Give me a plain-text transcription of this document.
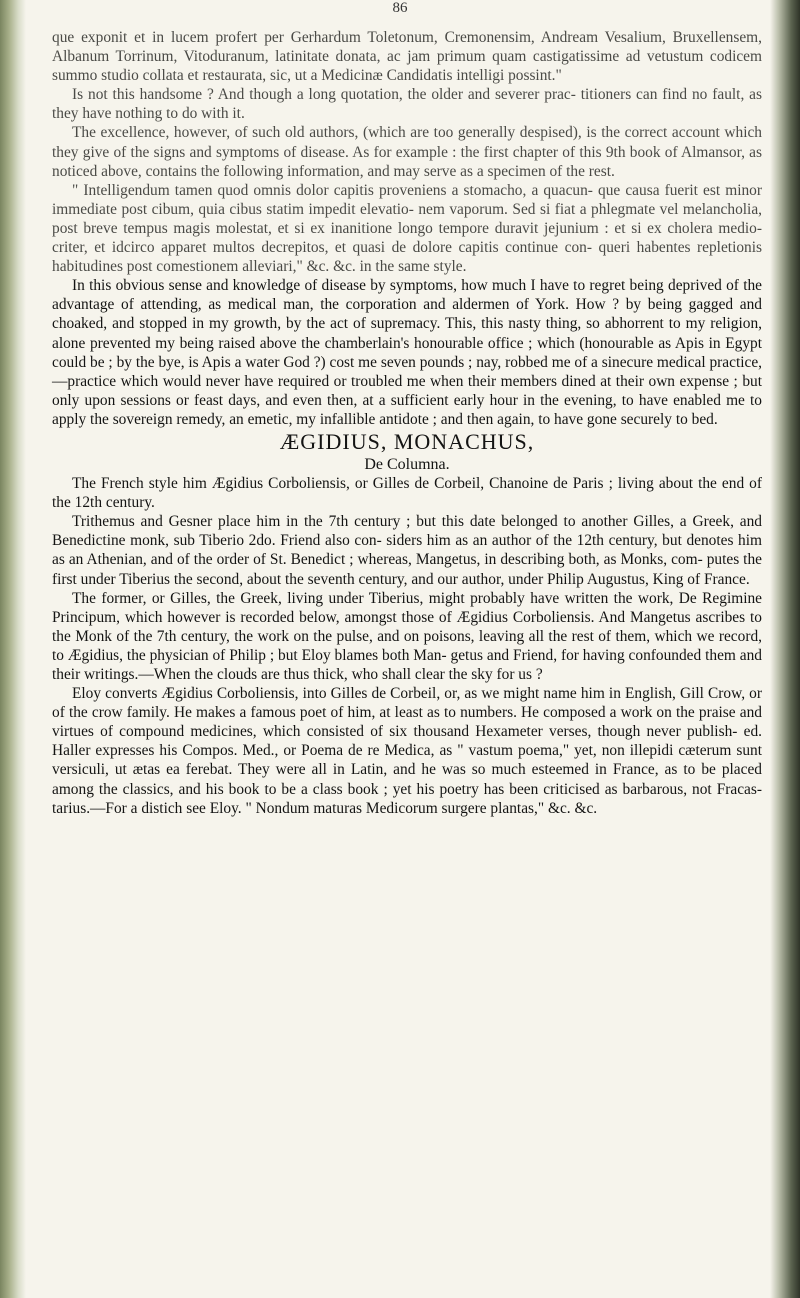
86

que exponit et in lucem profert per Gerhardum Toletonum, Cremonensim, Andream Vesalium, Bruxellensem, Albanum Torrinum, Vitoduranum, latinitate donata, ac jam primum quam castigatissime ad vetustum codicem summo studio collata et restaurata, sic, ut a Medicinæ Candidatis intelligi possint."

Is not this handsome ? And though a long quotation, the older and severer prac- titioners can find no fault, as they have nothing to do with it.

The excellence, however, of such old authors, (which are too generally despised), is the correct account which they give of the signs and symptoms of disease. As for example : the first chapter of this 9th book of Almansor, as noticed above, contains the following information, and may serve as a specimen of the rest.

" Intelligendum tamen quod omnis dolor capitis proveniens a stomacho, a quacun- que causa fuerit est minor immediate post cibum, quia cibus statim impedit elevatio- nem vaporum. Sed si fiat a phlegmate vel melancholia, post breve tempus magis molestat, et si ex inanitione longo tempore duravit jejunium : et si ex cholera medio- criter, et idcirco apparet multos decrepitos, et quasi de dolore capitis continue con- queri habentes repletionis habitudines post comestionem alleviari," &c. &c. in the same style.

In this obvious sense and knowledge of disease by symptoms, how much I have to regret being deprived of the advantage of attending, as medical man, the corporation and aldermen of York. How ? by being gagged and choaked, and stopped in my growth, by the act of supremacy. This, this nasty thing, so abhorrent to my religion, alone prevented my being raised above the chamberlain's honourable office ; which (honourable as Apis in Egypt could be ; by the bye, is Apis a water God ?) cost me seven pounds ; nay, robbed me of a sinecure medical practice,—practice which would never have required or troubled me when their members dined at their own expense ; but only upon sessions or feast days, and even then, at a sufficient early hour in the evening, to have enabled me to apply the sovereign remedy, an emetic, my infallible antidote ; and then again, to have gone securely to bed.

ÆGIDIUS, MONACHUS,

De Columna.

The French style him Ægidius Corboliensis, or Gilles de Corbeil, Chanoine de Paris ; living about the end of the 12th century.

Trithemus and Gesner place him in the 7th century ; but this date belonged to another Gilles, a Greek, and Benedictine monk, sub Tiberio 2do. Friend also con- siders him as an author of the 12th century, but denotes him as an Athenian, and of the order of St. Benedict ; whereas, Mangetus, in describing both, as Monks, com- putes the first under Tiberius the second, about the seventh century, and our author, under Philip Augustus, King of France.

The former, or Gilles, the Greek, living under Tiberius, might probably have written the work, De Regimine Principum, which however is recorded below, amongst those of Ægidius Corboliensis. And Mangetus ascribes to the Monk of the 7th century, the work on the pulse, and on poisons, leaving all the rest of them, which we record, to Ægidius, the physician of Philip ; but Eloy blames both Man- getus and Friend, for having confounded them and their writings.—When the clouds are thus thick, who shall clear the sky for us ?

Eloy converts Ægidius Corboliensis, into Gilles de Corbeil, or, as we might name him in English, Gill Crow, or of the crow family. He makes a famous poet of him, at least as to numbers. He composed a work on the praise and virtues of compound medicines, which consisted of six thousand Hexameter verses, though never publish- ed. Haller expresses his Compos. Med., or Poema de re Medica, as " vastum poema," yet, non illepidi cæterum sunt versiculi, ut ætas ea ferebat. They were all in Latin, and he was so much esteemed in France, as to be placed among the classics, and his book to be a class book ; yet his poetry has been criticised as barbarous, not Fracas- tarius.—For a distich see Eloy. " Nondum maturas Medicorum surgere plantas," &c. &c.
